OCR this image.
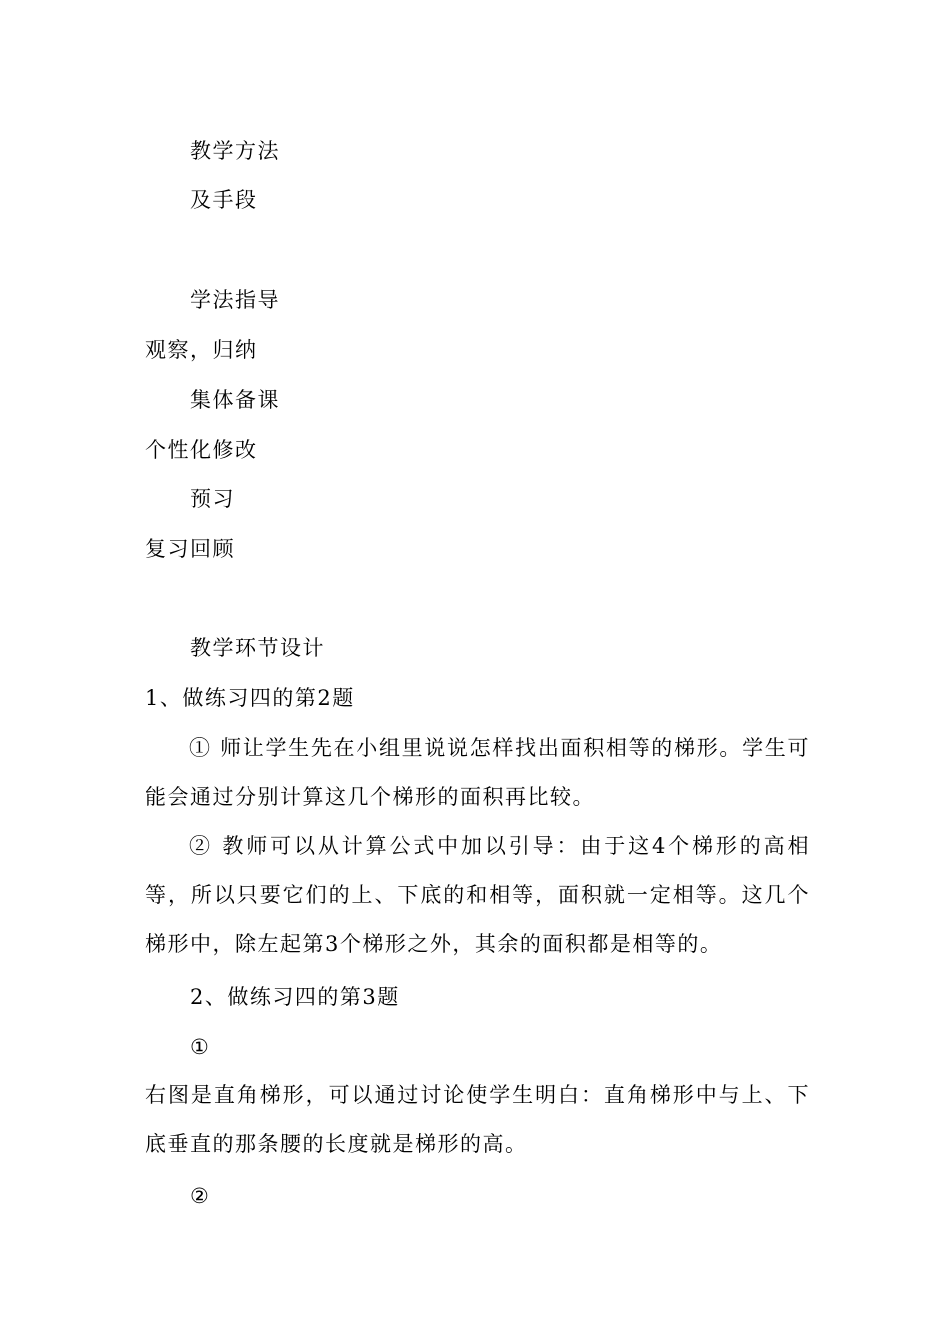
教学方法
及手段
学法指导
观察，归纳
集体备课
个性化修改
预习
复习回顾
教学环节设计
1、做练习四的第2题
① 师让学生先在小组里说说怎样找出面积相等的梯形。学生可能会通过分别计算这几个梯形的面积再比较。
② 教师可以从计算公式中加以引导：由于这4个梯形的高相等，所以只要它们的上、下底的和相等，面积就一定相等。这几个梯形中，除左起第3个梯形之外，其余的面积都是相等的。
2、做练习四的第3题
①
右图是直角梯形，可以通过讨论使学生明白：直角梯形中与上、下底垂直的那条腰的长度就是梯形的高。
②
